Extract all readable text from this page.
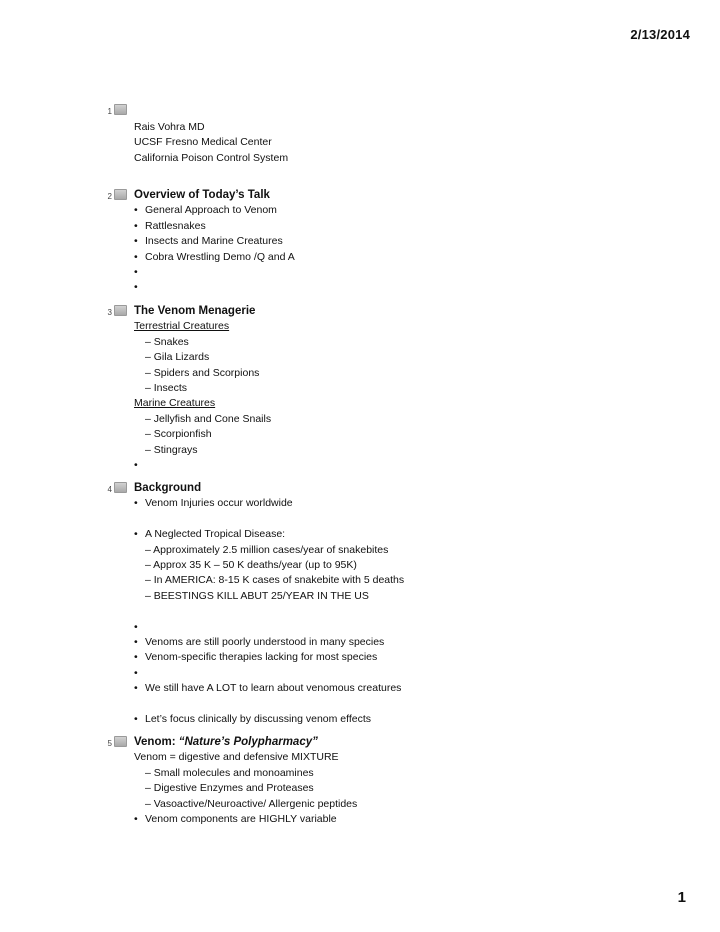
2/13/2014
1
Rais Vohra MD
UCSF Fresno Medical Center
California Poison Control System
2 Overview of Today’s Talk
• General Approach to Venom
• Rattlesnakes
• Insects and Marine Creatures
• Cobra Wrestling Demo /Q and A
•
•
3 The Venom Menagerie
Terrestrial Creatures
– Snakes
– Gila Lizards
– Spiders and Scorpions
– Insects
Marine Creatures
– Jellyfish and Cone Snails
– Scorpionfish
– Stingrays
•
4 Background
• Venom Injuries occur worldwide
• A Neglected Tropical Disease:
– Approximately 2.5 million cases/year of snakebites
– Approx 35 K – 50 K deaths/year (up to 95K)
– In AMERICA: 8-15 K cases of snakebite with 5 deaths
– BEESTINGS KILL ABUT 25/YEAR IN THE US
•
• Venoms are still poorly understood in many species
• Venom-specific therapies lacking for most species
•
• We still have A LOT to learn about venomous creatures
• Let’s focus clinically by discussing venom effects
5 Venom: “Nature’s Polypharmacy”
Venom = digestive and defensive MIXTURE
– Small molecules and monoamines
– Digestive Enzymes and Proteases
– Vasoactive/Neuroactive/ Allergenic peptides
• Venom components are HIGHLY variable
1
